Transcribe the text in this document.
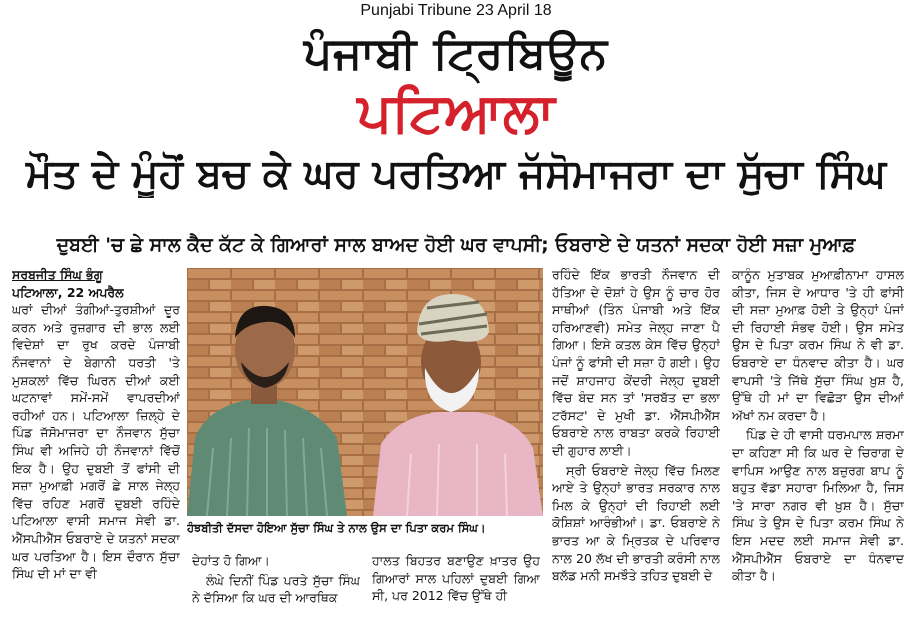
Punjabi Tribune 23 April 18
ਪੰਜਾਬੀ ਟ੍ਰਿਬਿਊਨ
ਪਟਿਆਲਾ
ਮੌਤ ਦੇ ਮੂੰਹੋਂ ਬਚ ਕੇ ਘਰ ਪਰਤਿਆ ਜੱਸੋਮਾਜਰਾ ਦਾ ਸੁੱਚਾ ਸਿੰਘ
ਦੁਬਈ 'ਚ ਛੇ ਸਾਲ ਕੈਦ ਕੱਟ ਕੇ ਗਿਆਰਾਂ ਸਾਲ ਬਾਅਦ ਹੋਈ ਘਰ ਵਾਪਸੀ; ਓਬਰਾਏ ਦੇ ਯਤਨਾਂ ਸਦਕਾ ਹੋਈ ਸਜ਼ਾ ਮੁਆਫ਼

ਸਰਬਜੀਤ ਸਿੰਘ ਭੰਗੂ

ਪਟਿਆਲਾ, 22 ਅਪਰੈਲ

ਘਰਾਂ ਦੀਆਂ ਤੰਗੀਆਂ-ਤੁਰਸ਼ੀਆਂ ਦੂਰ ਕਰਨ ਅਤੇ ਰੁਜ਼ਗਾਰ ਦੀ ਭਾਲ ਲਈ ਵਿਦੇਸ਼ਾਂ ਦਾ ਰੁਖ ਕਰਦੇ ਪੰਜਾਬੀ ਨੌਜਵਾਨਾਂ ਦੇ ਬੇਗਾਨੀ ਧਰਤੀ 'ਤੇ ਮੁਸ਼ਕਲਾਂ ਵਿੱਚ ਘਿਰਨ ਦੀਆਂ ਕਈ ਘਟਨਾਵਾਂ ਸਮੇਂ-ਸਮੇਂ ਵਾਪਰਦੀਆਂ ਰਹੀਆਂ ਹਨ। ਪਟਿਆਲਾ ਜ਼ਿਲ੍ਹੇ ਦੇ ਪਿੰਡ ਜੱਸੋਮਾਜਰਾ ਦਾ ਨੌਜਵਾਨ ਸੁੱਚਾ ਸਿੰਘ ਵੀ ਅਜਿਹੇ ਹੀ ਨੌਜਵਾਨਾਂ ਵਿੱਚੋਂ ਇਕ ਹੈ। ਉਹ ਦੁਬਈ ਤੋਂ ਫਾਂਸੀ ਦੀ ਸਜ਼ਾ ਮੁਆਫ਼ੀ ਮਗਰੋਂ ਛੇ ਸਾਲ ਜੇਲ੍ਹ ਵਿੱਚ ਰਹਿਣ ਮਗਰੋਂ ਦੁਬਈ ਰਹਿੰਦੇ ਪਟਿਆਲਾ ਵਾਸੀ ਸਮਾਜ ਸੇਵੀ ਡਾ. ਐੱਸਪੀਐੱਸ ਓਬਰਾਏ ਦੇ ਯਤਨਾਂ ਸਦਕਾ ਘਰ ਪਰਤਿਆ ਹੈ। ਇਸ ਦੌਰਾਨ ਸੁੱਚਾ ਸਿੰਘ ਦੀ ਮਾਂ ਦਾ ਵੀ

ਹੰਝਬੀਤੀ ਦੱਸਦਾ ਹੋਇਆ ਸੁੱਚਾ ਸਿੰਘ ਤੇ ਨਾਲ ਉਸ ਦਾ ਪਿਤਾ ਕਰਮ ਸਿੰਘ।

ਦੇਹਾਂਤ ਹੋ ਗਿਆ।

ਲੰਘੇ ਦਿਨੀਂ ਪਿੰਡ ਪਰਤੇ ਸੁੱਚਾ ਸਿੰਘ ਨੇ ਦੱਸਿਆ ਕਿ ਘਰ ਦੀ ਆਰਥਿਕ

ਹਾਲਤ ਬਿਹਤਰ ਬਣਾਉਣ ਖ਼ਾਤਰ ਉਹ ਗਿਆਰਾਂ ਸਾਲ ਪਹਿਲਾਂ ਦੁਬਈ ਗਿਆ ਸੀ, ਪਰ 2012 ਵਿੱਚ ਉੱਥੇ ਹੀ

ਰਹਿੰਦੇ ਇੱਕ ਭਾਰਤੀ ਨੌਜਵਾਨ ਦੀ ਹੱਤਿਆ ਦੇ ਦੋਸ਼ਾਂ ਹੇ ਉਸ ਨੂੰ ਚਾਰ ਹੋਰ ਸਾਥੀਆਂ (ਤਿੰਨ ਪੰਜਾਬੀ ਅਤੇ ਇੱਕ ਹਰਿਆਣਵੀ) ਸਮੇਤ ਜੇਲ੍ਹ ਜਾਣਾ ਪੈ ਗਿਆ। ਇਸੇ ਕਤਲ ਕੇਸ ਵਿੱਚ ਉਨ੍ਹਾਂ ਪੰਜਾਂ ਨੂੰ ਫਾਂਸੀ ਦੀ ਸਜ਼ਾ ਹੋ ਗਈ। ਉਹ ਜਦੋਂ ਸ਼ਾਹਜਾਹ ਕੇਂਦਰੀ ਜੇਲ੍ਹ ਦੁਬਈ ਵਿੱਚ ਬੰਦ ਸਨ ਤਾਂ 'ਸਰਬੱਤ ਦਾ ਭਲਾ ਟਰੱਸਟ' ਦੇ ਮੁਖੀ ਡਾ. ਐੱਸਪੀਐੱਸ ਓਬਰਾਏ ਨਾਲ ਰਾਬਤਾ ਕਰਕੇ ਰਿਹਾਈ ਦੀ ਗੁਹਾਰ ਲਾਈ।

ਸ੍ਰੀ ਓਬਰਾਏ ਜੇਲ੍ਹ ਵਿੱਚ ਮਿਲਣ ਆਏ ਤੇ ਉਨ੍ਹਾਂ ਭਾਰਤ ਸਰਕਾਰ ਨਾਲ ਮਿਲ ਕੇ ਉਨ੍ਹਾਂ ਦੀ ਰਿਹਾਈ ਲਈ ਕੋਸ਼ਿਸ਼ਾਂ ਆਰੰਭੀਆਂ। ਡਾ. ਓਬਰਾਏ ਨੇ ਭਾਰਤ ਆ ਕੇ ਮ੍ਰਿਤਕ ਦੇ ਪਰਿਵਾਰ ਨਾਲ 20 ਲੱਖ ਦੀ ਭਾਰਤੀ ਕਰੰਸੀ ਨਾਲ ਬਲੱਡ ਮਨੀ ਸਮਝੌਤੇ ਤਹਿਤ ਦੁਬਈ ਦੇ

ਕਾਨੂੰਨ ਮੁਤਾਬਕ ਮੁਆਫ਼ੀਨਾਮਾ ਹਾਸਲ ਕੀਤਾ, ਜਿਸ ਦੇ ਆਧਾਰ 'ਤੇ ਹੀ ਫਾਂਸੀ ਦੀ ਸਜ਼ਾ ਮੁਆਫ਼ ਹੋਈ ਤੇ ਉਨ੍ਹਾਂ ਪੰਜਾਂ ਦੀ ਰਿਹਾਈ ਸੰਭਵ ਹੋਈ। ਉਸ ਸਮੇਤ ਉਸ ਦੇ ਪਿਤਾ ਕਰਮ ਸਿੰਘ ਨੇ ਵੀ ਡਾ. ਓਬਰਾਏ ਦਾ ਧੰਨਵਾਦ ਕੀਤਾ ਹੈ। ਘਰ ਵਾਪਸੀ 'ਤੇ ਜਿੱਥੇ ਸੁੱਚਾ ਸਿੰਘ ਖ਼ੁਸ਼ ਹੈ, ਉੱਥੇ ਹੀ ਮਾਂ ਦਾ ਵਿਛੋੜਾ ਉਸ ਦੀਆਂ ਅੱਖਾਂ ਨਮ ਕਰਦਾ ਹੈ।

ਪਿੰਡ ਦੇ ਹੀ ਵਾਸੀ ਧਰਮਪਾਲ ਸ਼ਰਮਾ ਦਾ ਕਹਿਣਾ ਸੀ ਕਿ ਘਰ ਦੇ ਚਿਰਾਗ ਦੇ ਵਾਪਿਸ ਆਉਣ ਨਾਲ ਬਜ਼ੁਰਗ ਬਾਪ ਨੂੰ ਬਹੁਤ ਵੱਡਾ ਸਹਾਰਾ ਮਿਲਿਆ ਹੈ, ਜਿਸ 'ਤੇ ਸਾਰਾ ਨਗਰ ਵੀ ਖ਼ੁਸ਼ ਹੈ। ਸੁੱਚਾ ਸਿੰਘ ਤੇ ਉਸ ਦੇ ਪਿਤਾ ਕਰਮ ਸਿੰਘ ਨੇ ਇਸ ਮਦਦ ਲਈ ਸਮਾਜ ਸੇਵੀ ਡਾ. ਐੱਸਪੀਐੱਸ ਓਬਰਾਏ ਦਾ ਧੰਨਵਾਦ ਕੀਤਾ ਹੈ।
